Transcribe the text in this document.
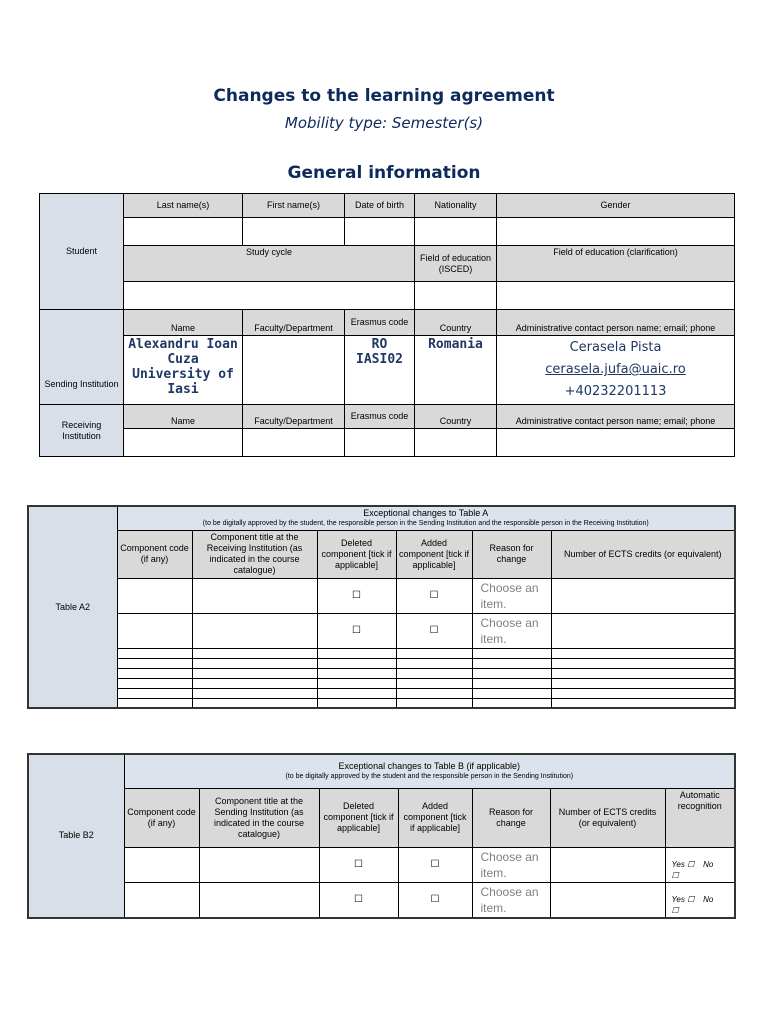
Changes to the learning agreement
Mobility type: Semester(s)
General information
Student	Last name(s)	First name(s)	Date of birth	Nationality	Gender

	Study cycle			Field of education (ISCED)	Field of education (clarification)

Sending Institution	Name	Faculty/Department	Erasmus code	Country	Administrative contact person name; email; phone
	Alexandru Ioan Cuza University of Iasi		RO IASI02	Romania	Cerasela Pista
cerasela.jufa@uaic.ro
+40232201113

Receiving Institution	Name	Faculty/Department	Erasmus code	Country	Administrative contact person name; email; phone

Table A2	Exceptional changes to Table A
(to be digitally approved by the student, the responsible person in the Sending Institution and the responsible person in the Receiving Institution)					

	Component code (if any)	Component title at the Receiving Institution (as indicated in the course catalogue)	Deleted component [tick if applicable]	Added component [tick if applicable]	Reason for change	Number of ECTS credits (or equivalent)
			☐	☐	Choose an item.	
			☐	☐	Choose an item.	

Table B2	Exceptional changes to Table B (if applicable)
(to be digitally approved by the student and the responsible person in the Sending Institution)						

	Component code (if any)	Component title at the Sending Institution (as indicated in the course catalogue)	Deleted component [tick if applicable]	Added component [tick if applicable]	Reason for change	Number of ECTS credits (or equivalent)	Automatic recognition
			☐	☐	Choose an item.		Yes ☐ No
☐
			☐	☐	Choose an item.		Yes ☐ No
☐
